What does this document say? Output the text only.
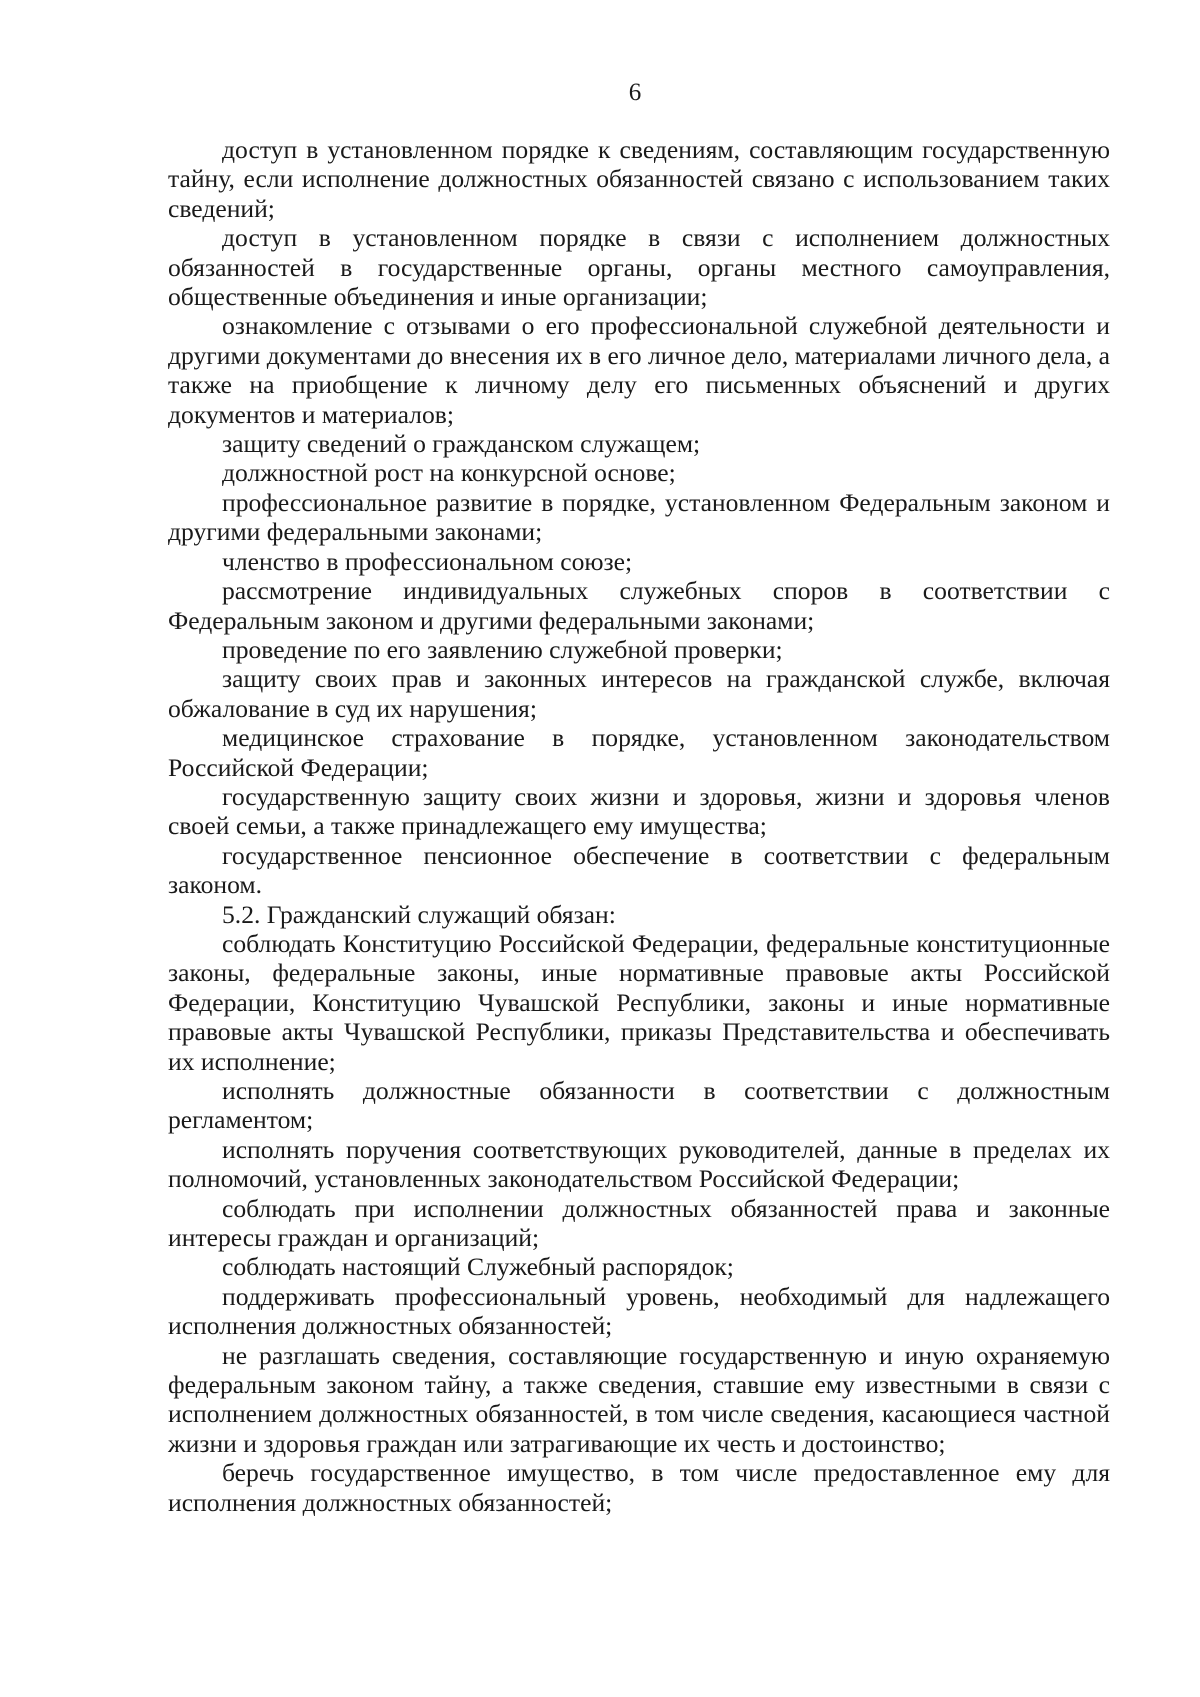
6

доступ в установленном порядке к сведениям, составляющим государственную тайну, если исполнение должностных обязанностей связано с использованием таких сведений;

доступ в установленном порядке в связи с исполнением должностных обязанностей в государственные органы, органы местного самоуправления, общественные объединения и иные организации;

ознакомление с отзывами о его профессиональной служебной деятельности и другими документами до внесения их в его личное дело, материалами личного дела, а также на приобщение к личному делу его письменных объяснений и других документов и материалов;

защиту сведений о гражданском служащем;

должностной рост на конкурсной основе;

профессиональное развитие в порядке, установленном Федеральным законом и другими федеральными законами;

членство в профессиональном союзе;

рассмотрение индивидуальных служебных споров в соответствии с Федеральным законом и другими федеральными законами;

проведение по его заявлению служебной проверки;

защиту своих прав и законных интересов на гражданской службе, включая обжалование в суд их нарушения;

медицинское страхование в порядке, установленном законодательством Российской Федерации;

государственную защиту своих жизни и здоровья, жизни и здоровья членов своей семьи, а также принадлежащего ему имущества;

государственное пенсионное обеспечение в соответствии с федеральным законом.

5.2. Гражданский служащий обязан:

соблюдать Конституцию Российской Федерации, федеральные конституционные законы, федеральные законы, иные нормативные правовые акты Российской Федерации, Конституцию Чувашской Республики, законы и иные нормативные правовые акты Чувашской Республики, приказы Представительства и обеспечивать их исполнение;

исполнять должностные обязанности в соответствии с должностным регламентом;

исполнять поручения соответствующих руководителей, данные в пределах их полномочий, установленных законодательством Российской Федерации;

соблюдать при исполнении должностных обязанностей права и законные интересы граждан и организаций;

соблюдать настоящий Служебный распорядок;

поддерживать профессиональный уровень, необходимый для надлежащего исполнения должностных обязанностей;

не разглашать сведения, составляющие государственную и иную охраняемую федеральным законом тайну, а также сведения, ставшие ему известными в связи с исполнением должностных обязанностей, в том числе сведения, касающиеся частной жизни и здоровья граждан или затрагивающие их честь и достоинство;

беречь государственное имущество, в том числе предоставленное ему для исполнения должностных обязанностей;
